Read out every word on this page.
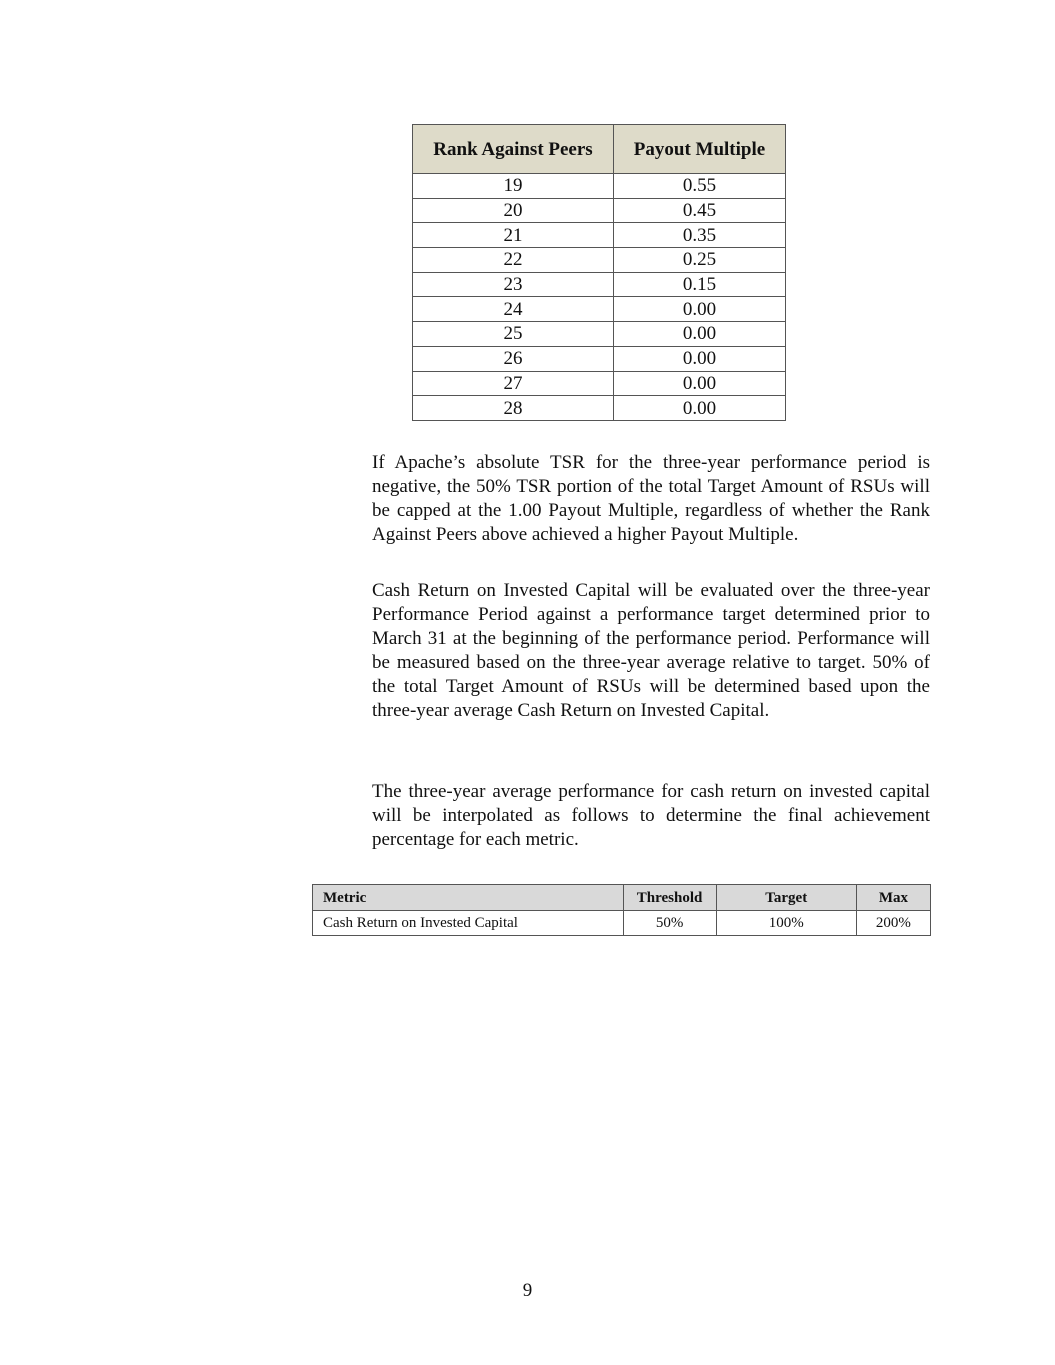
Rank Against Peers	Payout Multiple
19	0.55
20	0.45
21	0.35
22	0.25
23	0.15
24	0.00
25	0.00
26	0.00
27	0.00
28	0.00

If Apache’s absolute TSR for the three-year performance period is negative, the 50% TSR portion of the total Target Amount of RSUs will be capped at the 1.00 Payout Multiple, regardless of whether the Rank Against Peers above achieved a higher Payout Multiple.

Cash Return on Invested Capital will be evaluated over the three-year Performance Period against a performance target determined prior to March 31 at the beginning of the performance period. Performance will be measured based on the three-year average relative to target. 50% of the total Target Amount of RSUs will be determined based upon the three-year average Cash Return on Invested Capital.

The three-year average performance for cash return on invested capital will be interpolated as follows to determine the final achievement percentage for each metric.

Metric	Threshold	Target	Max
Cash Return on Invested Capital	50%	100%	200%
9
